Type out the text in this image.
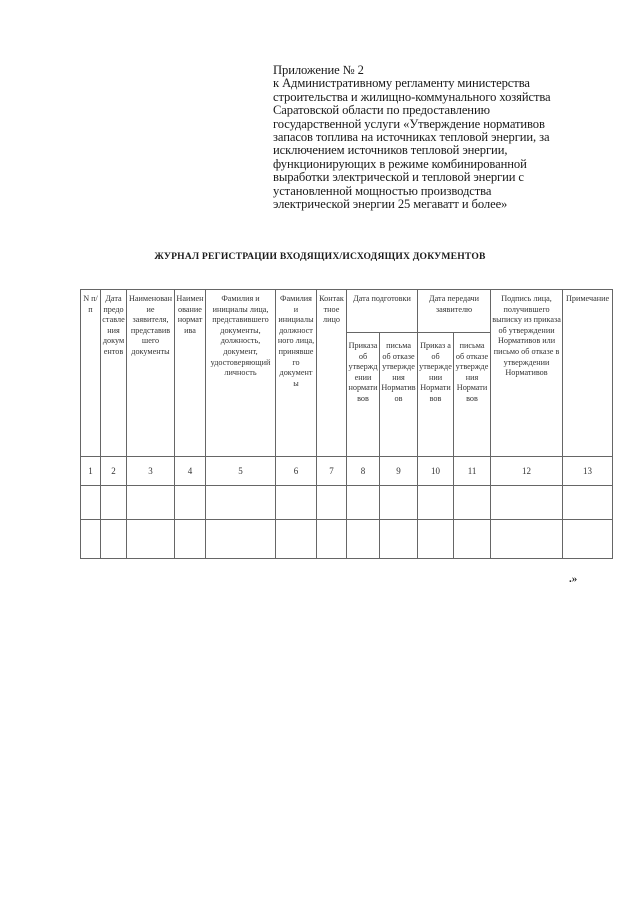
Приложение № 2
к Административному регламенту министерства
строительства и жилищно-коммунального хозяйства
Саратовской области по предоставлению
государственной услуги «Утверждение нормативов
запасов топлива на источниках тепловой энергии, за
исключением источников тепловой энергии,
функционирующих в режиме комбинированной
выработки электрической и тепловой энергии с
установленной мощностью производства
электрической энергии 25 мегаватт и более»
ЖУРНАЛ РЕГИСТРАЦИИ ВХОДЯЩИХ/ИСХОДЯЩИХ ДОКУМЕНТОВ
N п/п	Дата предоставления документов	Наименование заявителя, представившего документы	Наименование норматива	Фамилия и инициалы лица, представившего документы, должность, документ, удостоверяющий личность	Фамилия и инициалы должностного лица, принявшего документы	Контактное лицо	Дата подготовки		Дата передачи заявителю		Подпись лица, получившего выписку из приказа об утверждении Нормативов или письмо об отказе в утверждении Нормативов	Примечание
							Приказа об утверждении нормативов	письма об отказе утверждения Нормативов	Приказ а об утверждении Нормативов	письма об отказе утверждения Нормативов		
1	2	3	4	5	6	7	8	9	10	11	12	13

.»
